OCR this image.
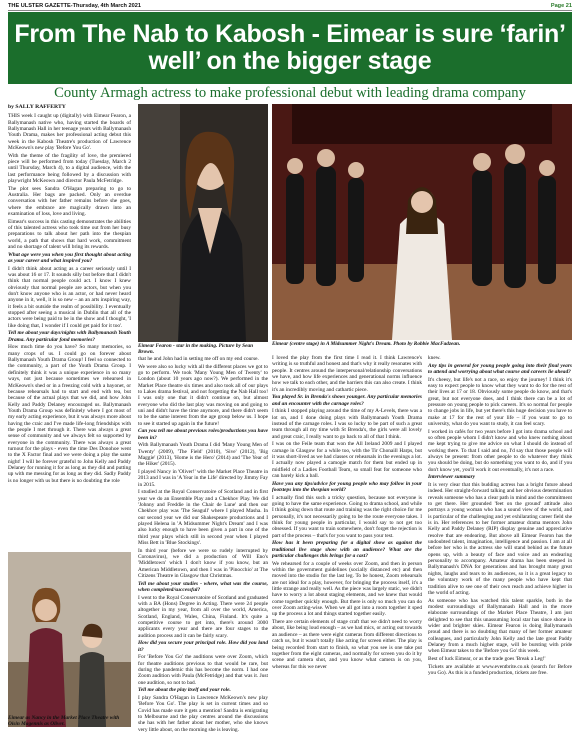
THE ULSTER GAZETTE-Thursday, 4th March 2021	Page 21
From The Nab to Kabosh - Eimear is sure ‘farin’ well’ on the bigger stage
County Armagh actress to make professional debut with leading drama company
by SALLY RAFFERTY

THIS week I caught up (digitally) with Eimear Fearon, a Ballymanash native who, having started the boards of Ballymanash Hall in her teenage years with Ballymanash Youth Drama, makes her professional acting debut this week in the Kabosh Theatre's production of Lawrence McKeown's new play 'Before You Go'.

With the theme of the fragility of love, the premiered piece will be performed from today (Tuesday, March 2 until Thursday, March 4), to a digital audience, with the last performance being followed by a discussion with playwright McKeown and director Paula McFetridge.

The plot sees Sandra O'Hagan preparing to go to Australia. Her bags are packed. Only an overdue conversation with her father remains before she goes, where the embrace are magically drawn into an examination of loss, love and living.

Eimear's success in this casting demonstrates the abilities of this talented actress who took time out from her busy preparations to talk about her path into the thespian world, a path that shows that hard work, commitment and no shortage of talent will bring its rewards.

What age were you when you first thought about acting as your career and what inspired you?

I didn't think about acting as a career seriously until I was about 16 or 17. It sounds silly but before that I didn't think that normal people could act. I know I knew obviously that normal people are actors, but when you don't know anyone who is an actor, or had never heard anyone in it, well, it is so new – an an arts inspiring way, it feels a bit outside the realm of possibility. I eventually stopped after seeing a musical in Dublin that all of the actors were being paid to be in the show and I thought, 'I like doing that, I wonder if I could get paid for it too'.

Tell me about your days/nights with Ballymanash Youth Drama. Any particular fond memories?

How much time do you have? So many memories, so many crops of us. I could go on forever about Ballymanash Youth Drama Group! I feel so connected to the community, a part of the Youth Drama Group. I definitely think it was a unique experience in so many ways, not just because sometimes we rehearsed in McKeown's shed or in a freezing cold with a bayonet, or because rehearsals had to start and end with tea, but because of the actual plays that we did, and how John Kelly and Paddy Delaney encouraged us. Ballymanash Youth Drama Group was definitely where I got most of my early acting experience, but it was always more about having the craic and I've made life-long friendships with the people I met through it. There was always a great sense of community and we always felt so supported by everyone in the community. There was always a great turnout for the plays - even the time Des Donohoe went to the X Factor final and we were doing a play the same night! I will be forever grateful to John Kelly and Paddy Delaney for running it for as long as they did and putting up with me messing for as long as they did. Sadly Paddy is no longer with us but there is no doubting the role

Eimear Fearon - star in the making. Picture by Sean Brown.
Eimear (centre stage) in A Midsummer Night's Dream. Photo by Robbie MacFadzean.

that he and John had in setting me off on my end course.

We were also so lucky with all the different places we got to go to perform. We took 'Many Young Men of Twenty' to London (about 10 years ago now?). We performed in the Market Place theatre six times and also took all of our plays to Lakes drama festival, and not forgetting the Nab Hall too! I was only one that it didn't continue on, but almost everyone who did the last play was moving on and going to uni and didn't have the time anymore, and there didn't seem to be the same interest from the age group below us. I hope to see it started up again in the future!

Can you tell me about previous roles/productions you have been in?

With Ballymanash Youth Drama I did 'Many Young Men of Twenty' (2009), 'The Field' (2010), 'Sive' (2012), 'Big Maggie' (2013), 'Home is the Hero' (2014) and 'The Year of the Hiker' (2015).

I played Nancy in 'Oliver!' with the Market Place Theatre in 2013 and I was in 'A Year in the Life' directed by Jimmy Fay in 2015.

I studied at the Royal Conservatoire of Scotland and in first year we do an Ensemble Play and a Chekhov Play. We did 'Johnny and Freddie in the Chair de Lune' and then our Chekhov play was 'The Seagull' where I played Masha. In our second year we did our Shakespeare productions and I played Helena in 'A Midsummer Night's Dream' and I was also lucky enough to have been given a part in one of the third year plays which still in second year when I played Miss Bett in 'Blue Stockings'.

In third year (before we were so rudely interrupted by Coronavirus), we did a production of Will Eno's 'Middletown' which I don't know if you know, but an American Middletown, and then I was in 'Pinocchio' at The Citizens Theatre in Glasgow that Christmas.

Tell me about your studies - where, what was the course, when completed/successful?

I went to the Royal Conservatoire of Scotland and graduated with a BA (Hons) Degree in Acting. There were 24 people altogether in my year, from all over the world, America, Scotland, England, Wales, China, Finland. It's quite a competitive course to get into, there's around 3000 applicants every year and there are four stages to the audition process and it can be fairly scary.

How did you secure your principal role. How did you land it?

For 'Before You Go' the auditions were over Zoom, which for theatre auditions previous to that would be rare, but during the pandemic this has become the norm. I had one Zoom audition with Paula (McFetridge) and that was it. Just one audition, so not to bad.

Tell me about the play itself and your role.

I play Sandra O'Hagan in Lawrence McKeown's new play 'Before You Go'. The play is set in current times and so Covid has made sure it gets a mention! Sandra is emigrating to Melbourne and the play centres around the discussions she has with her father about her mother, who she knows very little about, on the morning she is leaving.

I loved the play from the first time I read it. I think Lawrence's writing is so truthful and honest and that's why it really resonates with people. It centres around the interpersonal/relationship conversations we have, and how life experiences and generational norms influence how we talk to each other, and the barriers this can also create. I think it's an incredibly moving and cathartic piece.

You played Sr. in Brenda's shows younger. Any particular memories and an encounter with the carnage roles?

I think I stopped playing around the time of my A-Levels, there was a lot on, and I done doing plays with Ballymanash Youth Drama instead of the carnage roles. I was so lucky to be part of such a great team through all my time with St Brenda's, the girls were all lovely and great craic, I really want to go back to all of that I think.

I was on the Feile team that won the All Ireland 2009 and I played carnage in Glasgow for a while too, with the Tir Chonaill Harps, but it was short-lived as we had classes or rehearsals in the evenings a lot. I actually now played a camogie match for them but ended up in midfield of a Ladies Football Team, so small feat for someone who can barely kick a ball.

Have you any tips/advice for young people who may follow in your footsteps into the thespian world?

I actually find this such a tricky question, because not everyone is going to have the same experience. Going to drama school, and while I think going down that route and training was the right choice for me personally, it's not necessarily going to be the route everyone takes. I think for young people in particular, I would say to not get too obsessed. If you want to train somewhere, don't forget the rejection is part of the process – that's for you want to pass your test.

How has it been preparing for a digital show as against the traditional live stage show with an audience? What are the particular challenges this brings for a cast?

We rehearsed for a couple of weeks over Zoom, and then in person within the government guidelines (socially distanced etc) and then moved into the studio for the last leg. To be honest, Zoom rehearsals are not ideal for a play, however, for bringing the process itself, it's a little strange and really well. As the piece was largely static, we didn't have to worry a lot about staging elements, and we knew that would come together quickly enough. But there is only so much you can do over Zoom acting-wise. When we all got into a room together it sped up the process a lot and things started together easily.

There are certain elements of stage craft that we didn't need to worry about, like being loud enough – as we had mics, or acting out towards an audience – as there were eight cameras from different directions to catch us, but it wasn't totally like acting for screen either. The play is being recorded from start to finish, so what you see is one take put together from the eight cameras, and normally for screen you do it by scene and camera shot, and you know what camera is on you, whereas for this we never

knew.

Any tips in general for young people going into their final years to attend and worrying about what course and careers lie ahead?

It's cheesy, but life's not a race, so enjoy the journey! I think it's easy to expect people to know what they want to do for the rest of their lives at 17 or 18. Obviously some people do know, and that's great, but not everyone does, and I think there can be a lot of pressure on young people to pick careers. It's so normal for people to change jobs in life, but yet there's this huge decision you have to make at 17 for the rest of your life – if you want to go to university, what do you want to study, it can feel scary.

I worked in cafés for two years before I got into drama school and so often people whom I didn't know and who knew nothing about me kept trying to give me advice on what I should do instead of working there. To that I said and no, I'd say that those people will always be present: from other people to do whatever they think you should be doing, but do something you want to do, and if you don't know yet, you'll work it out eventually, it's not a race.

Interviewer summary

It is very clear that this budding actress has a bright future ahead indeed. Her straight-forward talking and her obvious determination reveals someone who has a clear path in mind and the commitment to get there. Her grounded 'feet on the ground' attitude also portrays a young woman who has a sound view of the world, and is particular of the challenging and yet exhilarating career field she is in. Her references to her former amateur drama mentors John Kelly and Paddy Delaney (RIP) display genuine and appreciative resolve that are endearing. But above all Eimear Fearon has the undoubted talent, imagination, intelligence and passion. I am at all before her who is the actress she will stand behind as the future opens up, with a beauty of face and voice and an endearing personality to accompany. Amateur drama has been steeped in Ballymanash's DNA for generations and has brought many great nights, laughs and tears to its audiences, so it is a great legacy to the voluntary work of the many people who have kept that tradition alive to see one of their own reach and achieve higher in the world of acting.

As someone who has watched this talent sparkle, both in the modest surroundings of Ballymanash Hall and in the more elaborate surroundings of the Market Place Theatre, I am just delighted to see that this unassuming local star has since shone in wider and brighter skies. Eimear Fearon is doing Ballymanash proud and there is no doubting that many of her former amateur colleagues, and particularly John Kelly and the late great Paddy Delaney from a much higher stage, will be bursting with pride when Eimear takes to the 'Before you Go' this week.

Best of luck Eimear, or as the trade goes 'Break a Leg!'

Tickets are available at www.eventbrite.co.uk (search for Before you Go). As this is a funded production, tickets are free.

Eimear as Nancy in the Market Place Theatre with Oisin Magennis as Oliver.
